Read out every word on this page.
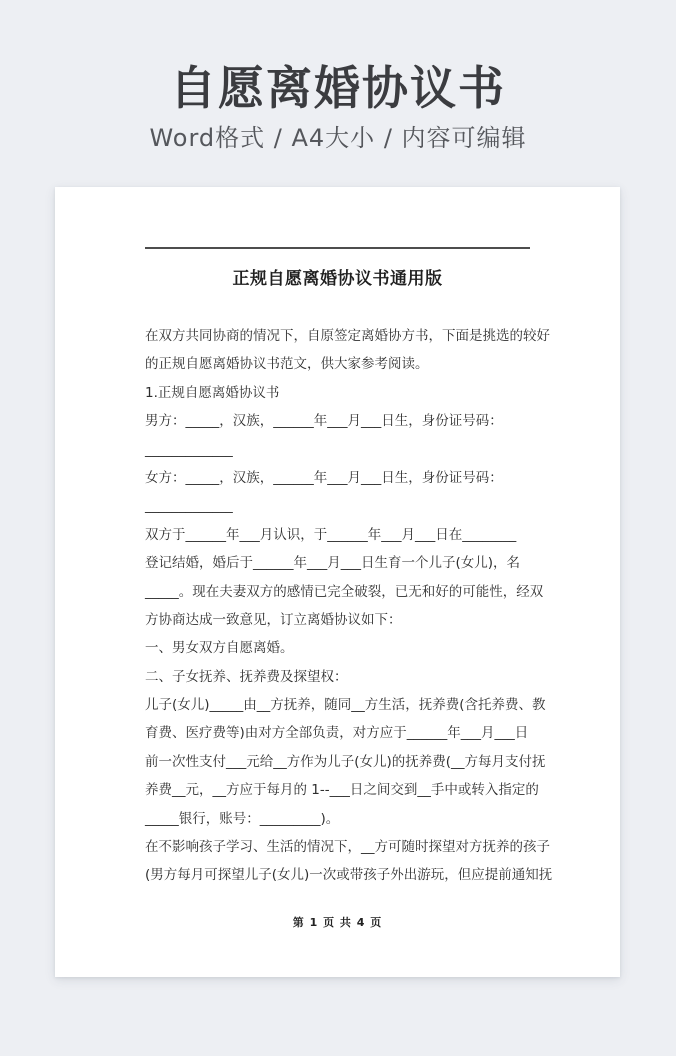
自愿离婚协议书
Word格式 / A4大小 / 内容可编辑
正规自愿离婚协议书通用版
在双方共同协商的情况下，自原签定离婚协方书，下面是挑选的较好
的正规自愿离婚协议书范文，供大家参考阅读。
1.正规自愿离婚协议书
男方：_____，汉族，______年___月___日生，身份证号码：
_____________
女方：_____，汉族，______年___月___日生，身份证号码：
_____________
双方于______年___月认识，于______年___月___日在________
登记结婚，婚后于______年___月___日生育一个儿子(女儿)，名
_____。现在夫妻双方的感情已完全破裂，已无和好的可能性，经双
方协商达成一致意见，订立离婚协议如下：
一、男女双方自愿离婚。
二、子女抚养、抚养费及探望权：
儿子(女儿)_____由__方抚养，随同__方生活，抚养费(含托养费、教
育费、医疗费等)由对方全部负责，对方应于______年___月___日
前一次性支付___元给__方作为儿子(女儿)的抚养费(__方每月支付抚
养费__元，__方应于每月的 1--___日之间交到__手中或转入指定的
_____银行，账号：_________)。
在不影响孩子学习、生活的情况下，__方可随时探望对方抚养的孩子
(男方每月可探望儿子(女儿)一次或带孩子外出游玩，但应提前通知抚
第 1 页 共 4 页
